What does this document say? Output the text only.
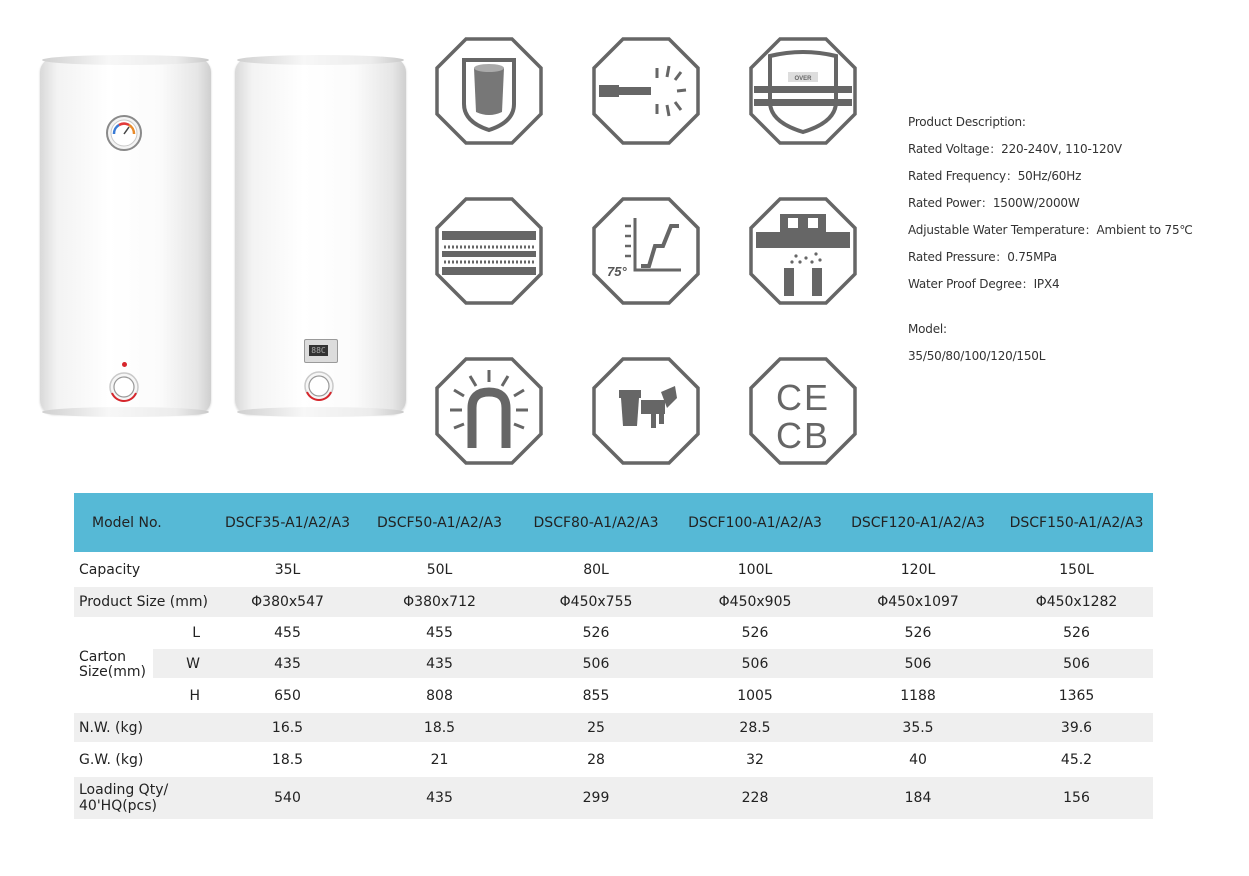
88C
OVER
75°
CE
CB
Product Description:
Rated Voltage：220-240V, 110-120V
Rated Frequency：50Hz/60Hz
Rated Power：1500W/2000W
Adjustable Water Temperature：Ambient to 75℃
Rated Pressure：0.75MPa
Water Proof Degree：IPX4
Model:
35/50/80/100/120/150L
Model No.		DSCF35-A1/A2/A3	DSCF50-A1/A2/A3	DSCF80-A1/A2/A3	DSCF100-A1/A2/A3	DSCF120-A1/A2/A3	DSCF150-A1/A2/A3
Capacity		35L	50L	80L	100L	120L	150L
Product Size (mm)		Φ380x547	Φ380x712	Φ450x755	Φ450x905	Φ450x1097	Φ450x1282
Carton Size(mm)	L	455	455	526	526	526	526
	W	435	435	506	506	506	506
	H	650	808	855	1005	1188	1365
N.W. (kg)		16.5	18.5	25	28.5	35.5	39.6
G.W. (kg)		18.5	21	28	32	40	45.2
Loading Qty/ 40'HQ(pcs)		540	435	299	228	184	156
